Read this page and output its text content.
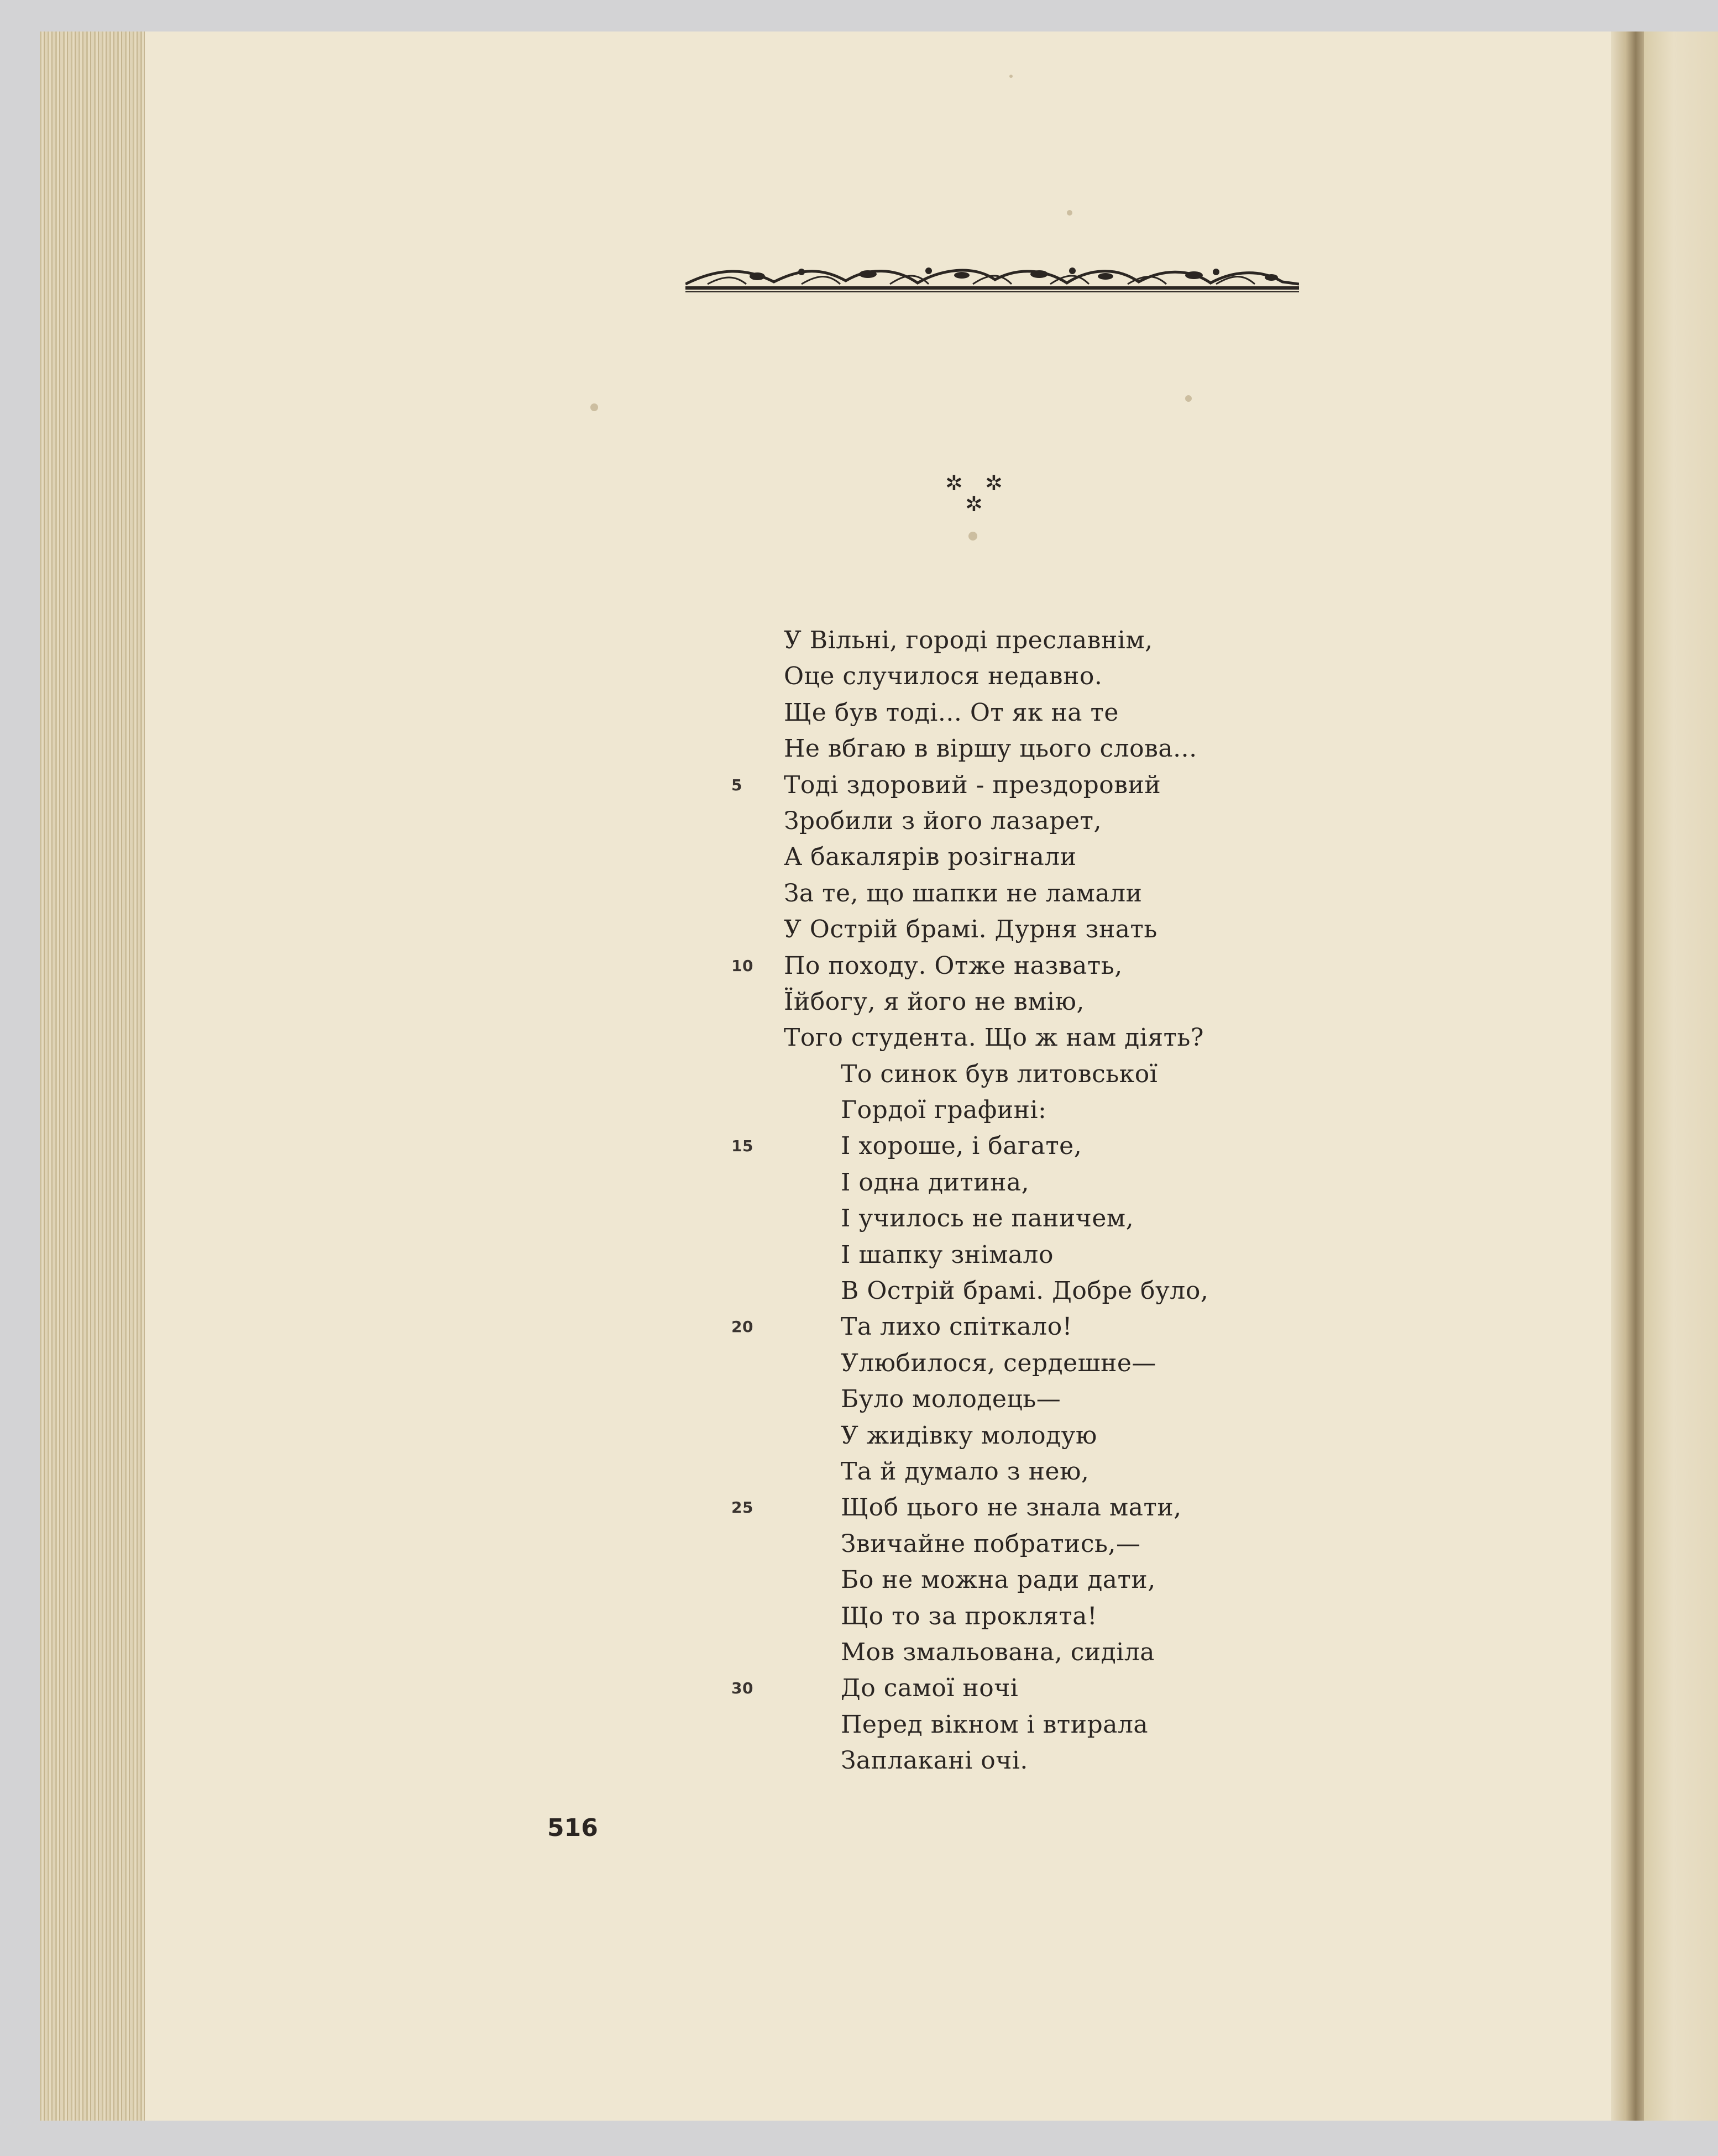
✲ ✲
✲
У Вільні, городі преславнім,
Оце случилося недавно.
Ще був тоді... От як на те
Не вбгаю в віршу цього слова...
5	Тоді здоровий - прездоровий
Зробили з його лазарет,
А бакалярів розігнали
За те, що шапки не ламали
У Острій брамі. Дурня знать
10	По походу. Отже назвать,
Їйбогу, я його не вмію,
Того студента. Що ж нам діять?
То синок був литовської
Гордої графині:
15	І хороше, і багате,
І одна дитина,
І училось не паничем,
І шапку знімало
В Острій брамі. Добре було,
20	Та лихо спіткало!
Улюбилося, сердешне—
Було молодець—
У жидівку молодую
Та й думало з нею,
25	Щоб цього не знала мати,
Звичайне побратись,—
Бо не можна ради дати,
Що то за проклята!
Мов змальована, сиділа
30	До самої ночі
Перед вікном і втирала
Заплакані очі.
516
